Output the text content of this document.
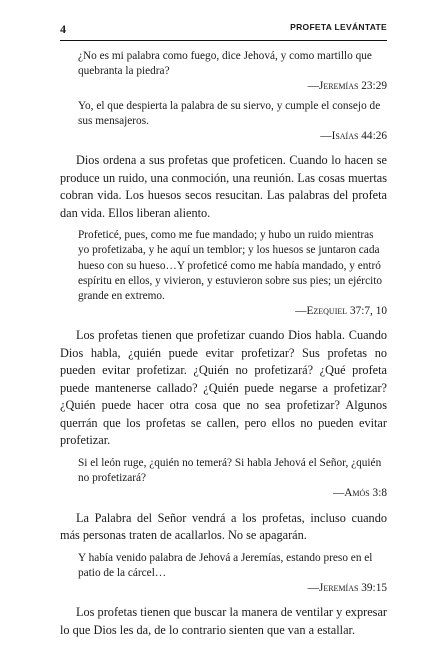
4	PROFETA LEVÁNTATE

¿No es mi palabra como fuego, dice Jehová, y como martillo que quebranta la piedra?

—Jeremías 23:29

Yo, el que despierta la palabra de su siervo, y cumple el consejo de sus mensajeros.

—Isaías 44:26

Dios ordena a sus profetas que profeticen. Cuando lo hacen se produce un ruido, una conmoción, una reunión. Las cosas muertas cobran vida. Los huesos secos resucitan. Las palabras del profeta dan vida. Ellos liberan aliento.

Profeticé, pues, como me fue mandado; y hubo un ruido mientras yo profetizaba, y he aquí un temblor; y los huesos se juntaron cada hueso con su hueso…Y profeticé como me había mandado, y entró espíritu en ellos, y vivieron, y estuvieron sobre sus pies; un ejército grande en extremo.

—Ezequiel 37:7, 10

Los profetas tienen que profetizar cuando Dios habla. Cuando Dios habla, ¿quién puede evitar profetizar? Sus profetas no pueden evitar profetizar. ¿Quién no profetizará? ¿Qué profeta puede mantenerse callado? ¿Quién puede negarse a profetizar? ¿Quién puede hacer otra cosa que no sea profetizar? Algunos querrán que los profetas se callen, pero ellos no pueden evitar profetizar.

Si el león ruge, ¿quién no temerá? Si habla Jehová el Señor, ¿quién no profetizará?

—Amós 3:8

La Palabra del Señor vendrá a los profetas, incluso cuando más personas traten de acallarlos. No se apagarán.

Y había venido palabra de Jehová a Jeremías, estando preso en el patio de la cárcel…

—Jeremías 39:15

Los profetas tienen que buscar la manera de ventilar y expresar lo que Dios les da, de lo contrario sienten que van a estallar.
